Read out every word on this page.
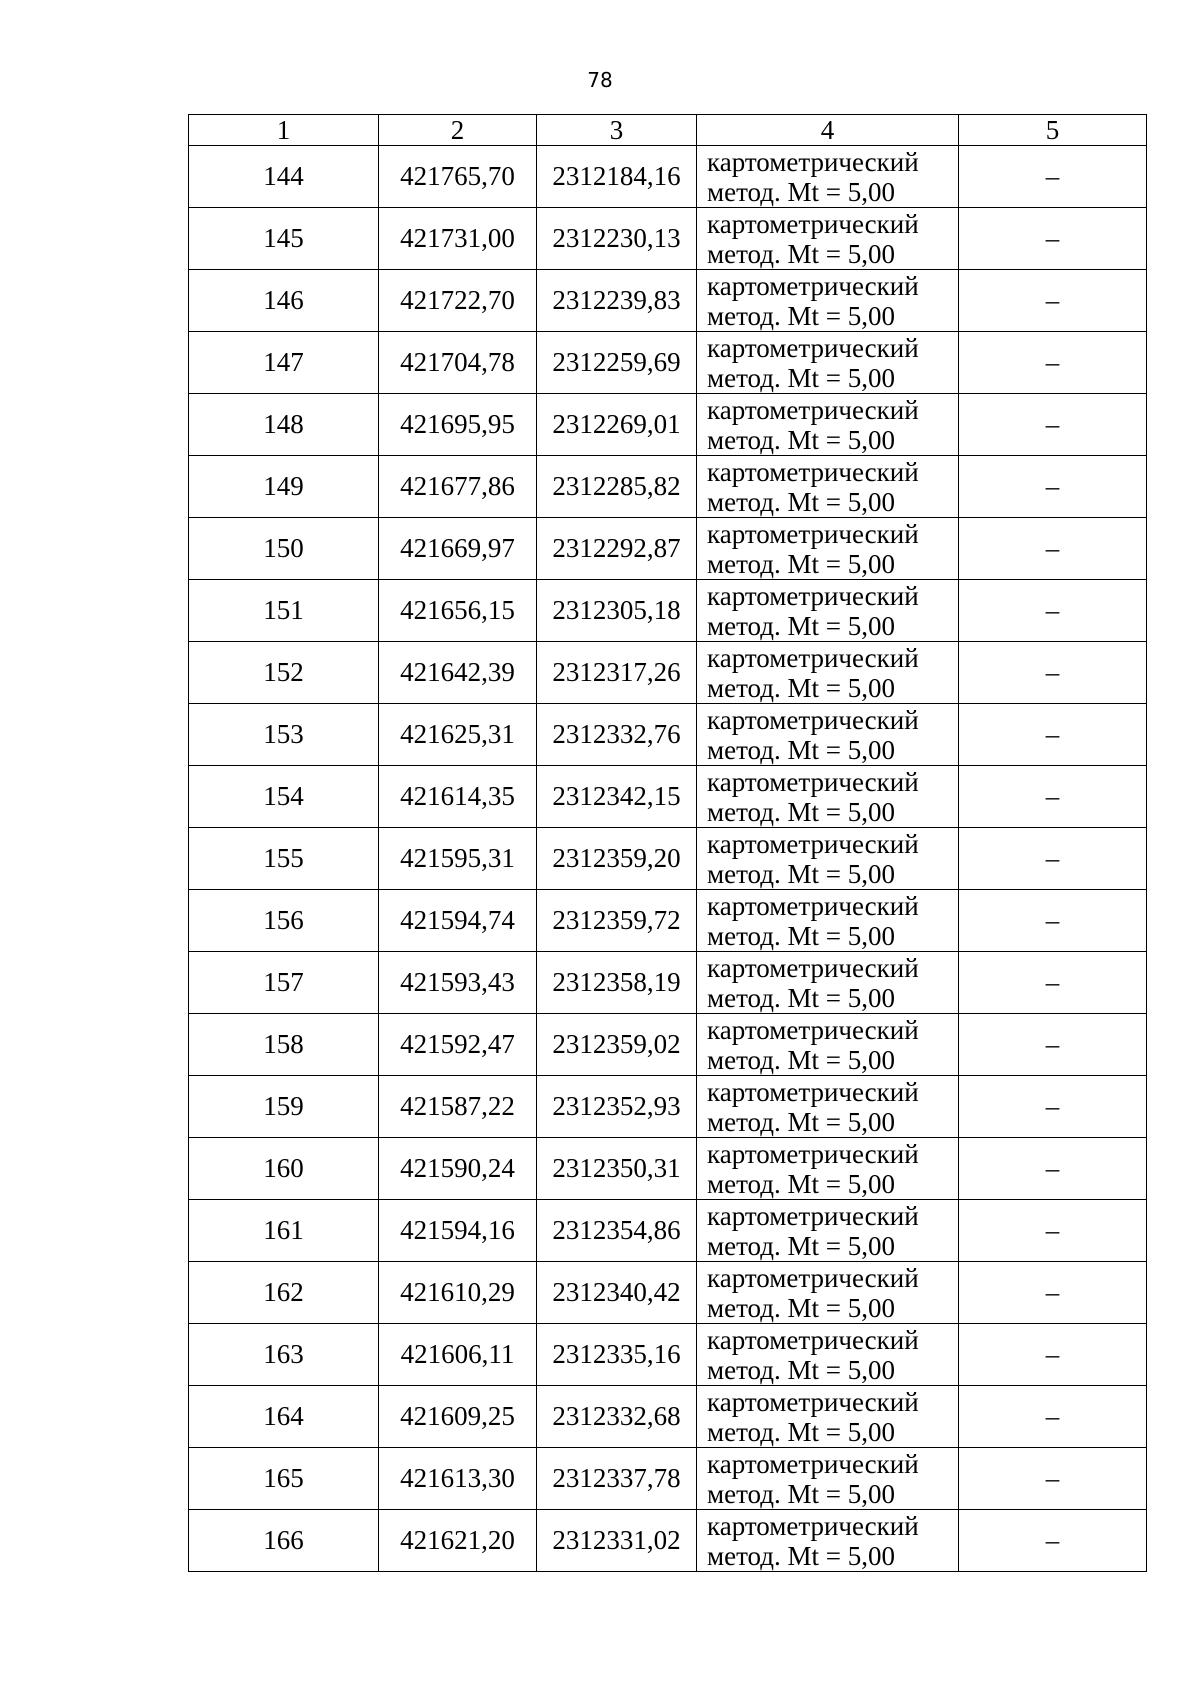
78
1	2	3	4	5
144	421765,70	2312184,16	картометрический
метод. Mt = 5,00	–
145	421731,00	2312230,13	картометрический
метод. Mt = 5,00	–
146	421722,70	2312239,83	картометрический
метод. Mt = 5,00	–
147	421704,78	2312259,69	картометрический
метод. Mt = 5,00	–
148	421695,95	2312269,01	картометрический
метод. Mt = 5,00	–
149	421677,86	2312285,82	картометрический
метод. Mt = 5,00	–
150	421669,97	2312292,87	картометрический
метод. Mt = 5,00	–
151	421656,15	2312305,18	картометрический
метод. Mt = 5,00	–
152	421642,39	2312317,26	картометрический
метод. Mt = 5,00	–
153	421625,31	2312332,76	картометрический
метод. Mt = 5,00	–
154	421614,35	2312342,15	картометрический
метод. Mt = 5,00	–
155	421595,31	2312359,20	картометрический
метод. Mt = 5,00	–
156	421594,74	2312359,72	картометрический
метод. Mt = 5,00	–
157	421593,43	2312358,19	картометрический
метод. Mt = 5,00	–
158	421592,47	2312359,02	картометрический
метод. Mt = 5,00	–
159	421587,22	2312352,93	картометрический
метод. Mt = 5,00	–
160	421590,24	2312350,31	картометрический
метод. Mt = 5,00	–
161	421594,16	2312354,86	картометрический
метод. Mt = 5,00	–
162	421610,29	2312340,42	картометрический
метод. Mt = 5,00	–
163	421606,11	2312335,16	картометрический
метод. Mt = 5,00	–
164	421609,25	2312332,68	картометрический
метод. Mt = 5,00	–
165	421613,30	2312337,78	картометрический
метод. Mt = 5,00	–
166	421621,20	2312331,02	картометрический
метод. Mt = 5,00	–
